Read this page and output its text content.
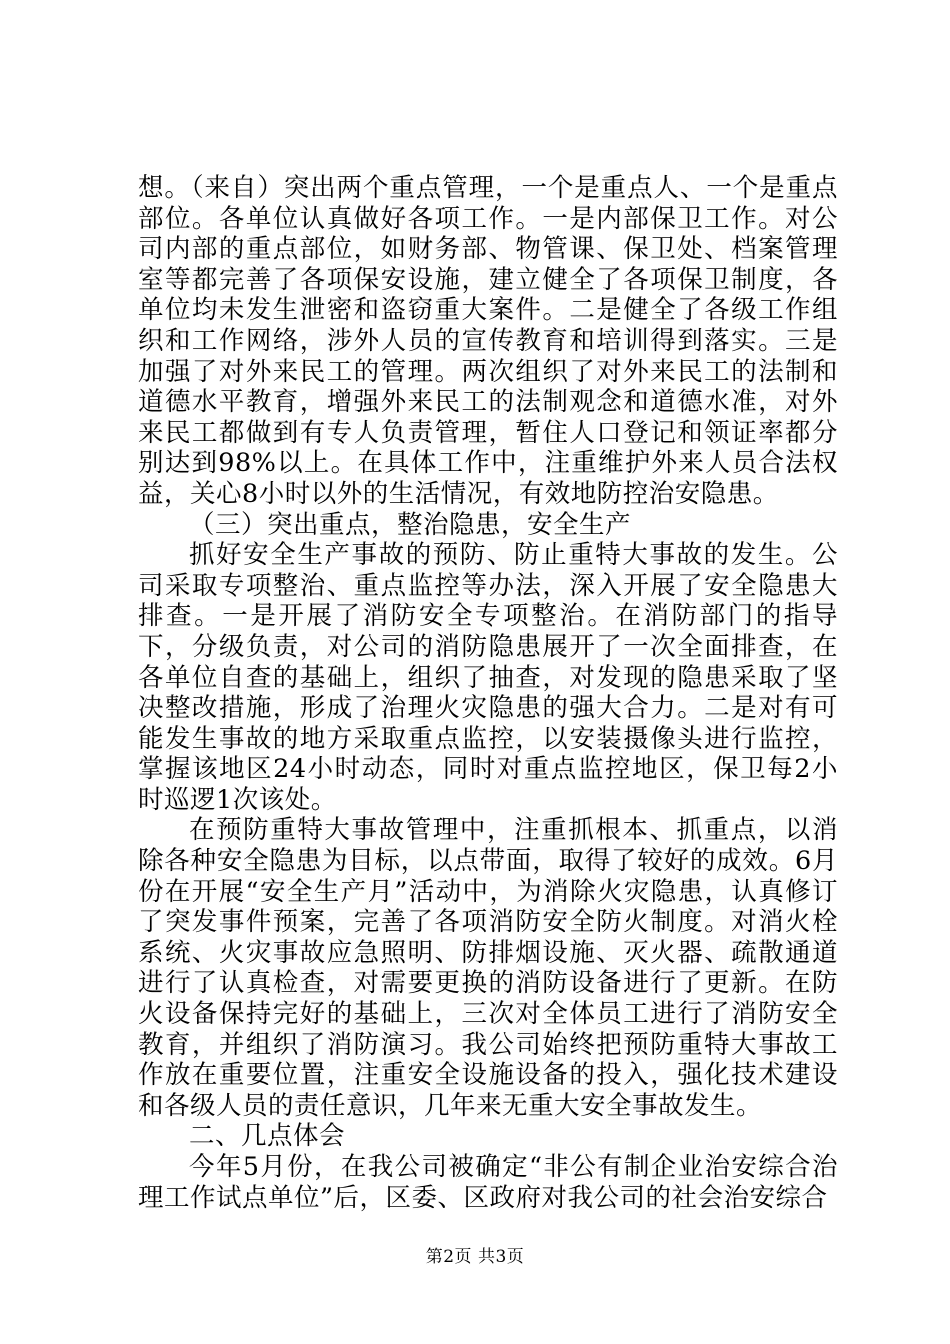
想。（来自）突出两个重点管理，一个是重点人、一个是重点部位。各单位认真做好各项工作。一是内部保卫工作。对公司内部的重点部位，如财务部、物管课、保卫处、档案管理室等都完善了各项保安设施，建立健全了各项保卫制度，各单位均未发生泄密和盗窃重大案件。二是健全了各级工作组织和工作网络，涉外人员的宣传教育和培训得到落实。三是加强了对外来民工的管理。两次组织了对外来民工的法制和道德水平教育，增强外来民工的法制观念和道德水准，对外来民工都做到有专人负责管理，暂住人口登记和领证率都分别达到98%以上。在具体工作中，注重维护外来人员合法权益，关心8小时以外的生活情况，有效地防控治安隐患。

（三）突出重点，整治隐患，安全生产

抓好安全生产事故的预防、防止重特大事故的发生。公司采取专项整治、重点监控等办法，深入开展了安全隐患大排查。一是开展了消防安全专项整治。在消防部门的指导下，分级负责，对公司的消防隐患展开了一次全面排查，在各单位自查的基础上，组织了抽查，对发现的隐患采取了坚决整改措施，形成了治理火灾隐患的强大合力。二是对有可能发生事故的地方采取重点监控，以安装摄像头进行监控，掌握该地区24小时动态，同时对重点监控地区，保卫每2小时巡逻1次该处。

在预防重特大事故管理中，注重抓根本、抓重点，以消除各种安全隐患为目标，以点带面，取得了较好的成效。6月份在开展“安全生产月”活动中，为消除火灾隐患，认真修订了突发事件预案，完善了各项消防安全防火制度。对消火栓系统、火灾事故应急照明、防排烟设施、灭火器、疏散通道进行了认真检查，对需要更换的消防设备进行了更新。在防火设备保持完好的基础上，三次对全体员工进行了消防安全教育，并组织了消防演习。我公司始终把预防重特大事故工作放在重要位置，注重安全设施设备的投入，强化技术建设和各级人员的责任意识，几年来无重大安全事故发生。

二、几点体会

今年5月份，在我公司被确定“非公有制企业治安综合治理工作试点单位”后，区委、区政府对我公司的社会治安综合

第2页 共3页
